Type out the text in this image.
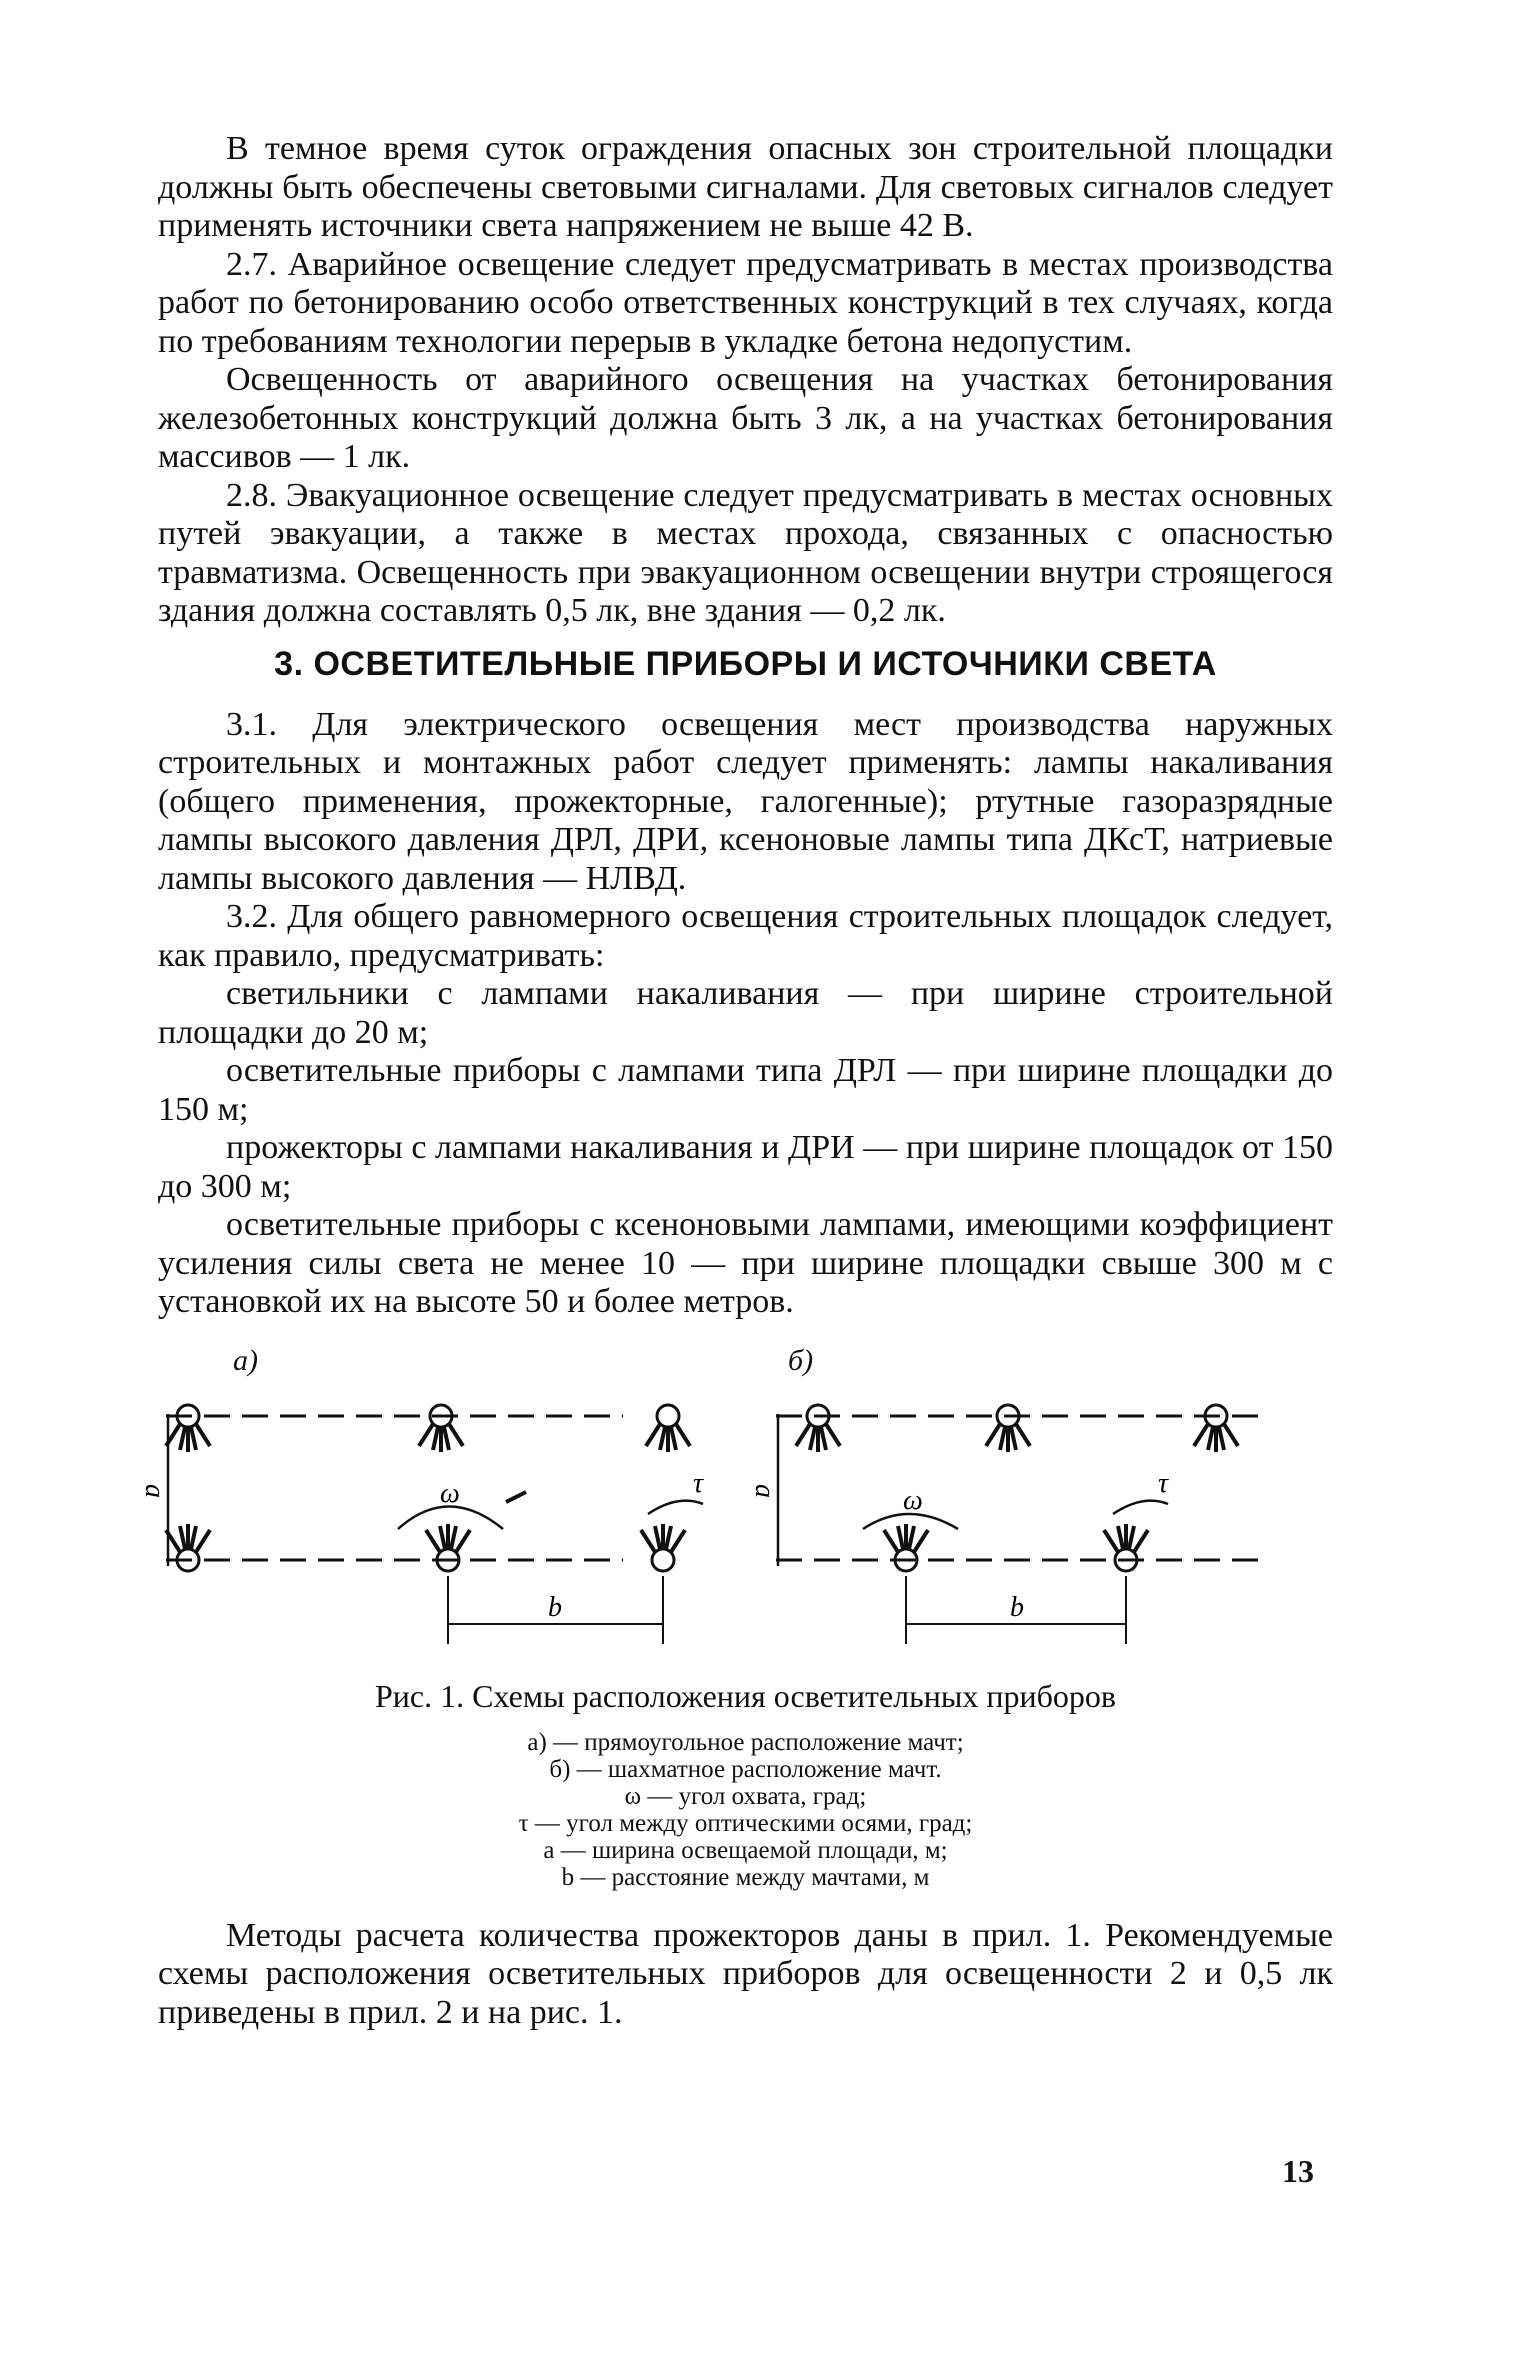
В темное время суток ограждения опасных зон строительной площадки должны быть обеспечены световыми сигналами. Для световых сигналов следует применять источники света напряжением не выше 42 В.

2.7. Аварийное освещение следует предусматривать в местах производства работ по бетонированию особо ответственных конструкций в тех случаях, когда по требованиям технологии перерыв в укладке бетона недопустим.

Освещенность от аварийного освещения на участках бетонирования железобетонных конструкций должна быть 3 лк, а на участках бетонирования массивов — 1 лк.

2.8. Эвакуационное освещение следует предусматривать в местах основных путей эвакуации, а также в местах прохода, связанных с опасностью травматизма. Освещенность при эвакуационном освещении внутри строящегося здания должна составлять 0,5 лк, вне здания — 0,2 лк.

3. ОСВЕТИТЕЛЬНЫЕ ПРИБОРЫ И ИСТОЧНИКИ СВЕТА

3.1. Для электрического освещения мест производства наружных строительных и монтажных работ следует применять: лампы накаливания (общего применения, прожекторные, галогенные); ртутные газоразрядные лампы высокого давления ДРЛ, ДРИ, ксеноновые лампы типа ДКсТ, натриевые лампы высокого давления — НЛВД.

3.2. Для общего равномерного освещения строительных площадок следует, как правило, предусматривать:

светильники с лампами накаливания — при ширине строительной площадки до 20 м;

осветительные приборы с лампами типа ДРЛ — при ширине площадки до 150 м;

прожекторы с лампами накаливания и ДРИ — при ширине площадок от 150 до 300 м;

осветительные приборы с ксеноновыми лампами, имеющими коэффициент усиления силы света не менее 10 — при ширине площадки свыше 300 м с установкой их на высоте 50 и более метров.

а)	б)
a	ω	τ
b
a	ω
τ
b
Рис. 1. Схемы расположения осветительных приборов
а) — прямоугольное расположение мачт;
б) — шахматное расположение мачт.
ω — угол охвата, град;
τ — угол между оптическими осями, град;
а — ширина освещаемой площади, м;
b — расстояние между мачтами, м

Методы расчета количества прожекторов даны в прил. 1. Рекомендуемые схемы расположения осветительных приборов для освещенности 2 и 0,5 лк приведены в прил. 2 и на рис. 1.

13
